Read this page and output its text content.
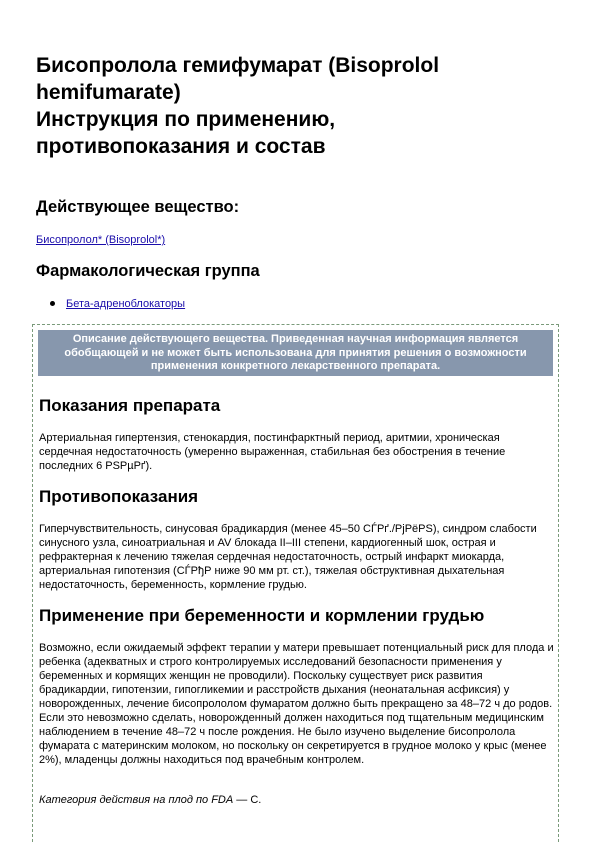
Бисопролола гемифумарат (Bisoprolol
hemifumarate)
Инструкция по применению,
противопоказания и состав
Действующее вещество:
Бисопролол* (Bisoprolol*)
Фармакологическая группа
Бета-адреноблокаторы
Описание действующего вещества. Приведенная научная информация является обобщающей и не может быть использована для принятия решения о возможности применения конкретного лекарственного препарата.
Показания препарата

Артериальная гипертензия, стенокардия, постинфарктный период, аритмии, хроническая сердечная недостаточность (умеренно выраженная, стабильная без обострения в течение последних 6 PSPµPґ).

Противопоказания

Гиперчувствительность, синусовая брадикардия (менее 45–50 СЃРґ./PjРёРЅ), синдром слабости синусного узла, синоатриальная и AV блокада II–III степени, кардиогенный шок, острая и рефрактерная к лечению тяжелая сердечная недостаточность, острый инфаркт миокарда, артериальная гипотензия (СЃРђР ниже 90 мм рт. ст.), тяжелая обструктивная дыхательная недостаточность, беременность, кормление грудью.

Применение при беременности и кормлении грудью

Возможно, если ожидаемый эффект терапии у матери превышает потенциальный риск для плода и ребенка (адекватных и строго контролируемых исследований безопасности применения у беременных и кормящих женщин не проводили). Поскольку существует риск развития брадикардии, гипотензии, гипогликемии и расстройств дыхания (неонатальная асфиксия) у новорожденных, лечение бисопрололом фумаратом должно быть прекращено за 48–72 ч до родов. Если это невозможно сделать, новорожденный должен находиться под тщательным медицинским наблюдением в течение 48–72 ч после рождения. Не было изучено выделение бисопролола фумарата с материнским молоком, но поскольку он секретируется в грудное молоко у крыс (менее 2%), младенцы должны находиться под врачебным контролем.

Категория действия на плод по FDA — C.
